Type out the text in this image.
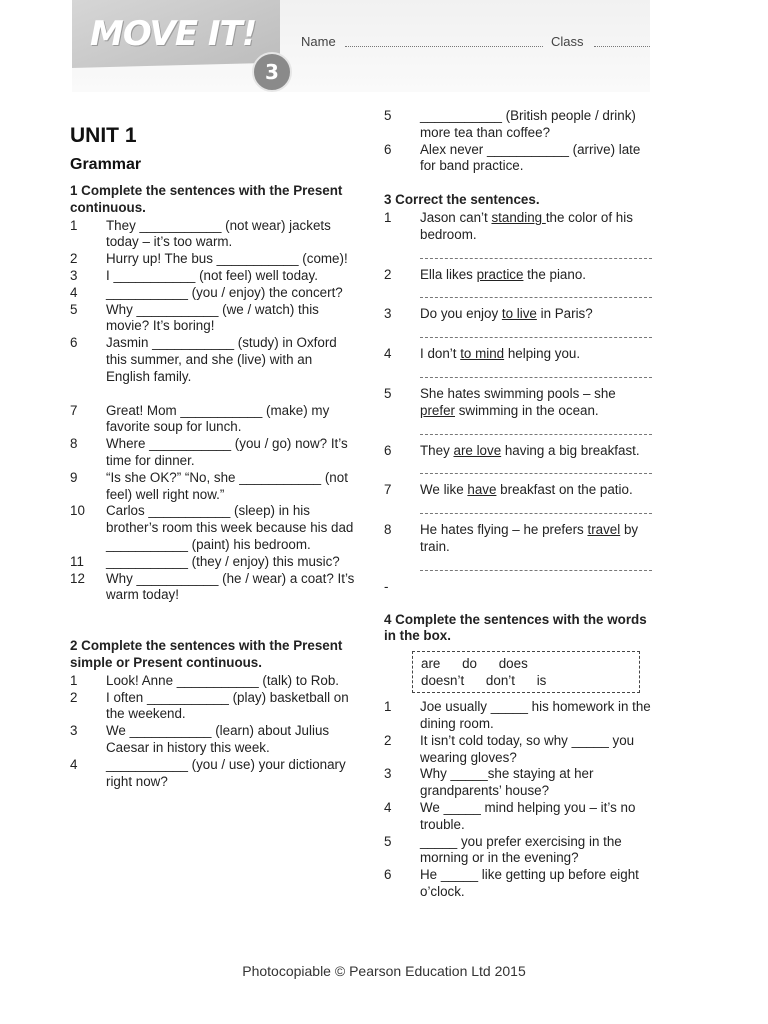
MOVE IT!
3
Name	Class
UNIT 1
Grammar
1 Complete the sentences with the Present continuous.
1	They ___________ (not wear) jackets today – it’s too warm.
2	Hurry up! The bus ___________ (come)!
3	I ___________ (not feel) well today.
4	___________ (you / enjoy) the concert?
5	Why ___________ (we / watch) this movie? It’s boring!
6	Jasmin ___________ (study) in Oxford this summer, and she (live) with an English family.
7	Great! Mom ___________ (make) my favorite soup for lunch.
8	Where ___________ (you / go) now? It’s time for dinner.
9	“Is she OK?” “No, she ___________ (not feel) well right now.”
10	Carlos ___________ (sleep) in his brother’s room this week because his dad ___________ (paint) his bedroom.
11	___________ (they / enjoy) this music?
12	Why ___________ (he / wear) a coat? It’s warm today!
2 Complete the sentences with the Present simple or Present continuous.
1	Look! Anne ___________ (talk) to Rob.
2	I often ___________ (play) basketball on the weekend.
3	We ___________ (learn) about Julius Caesar in history this week.
4	___________ (you / use) your dictionary right now?
5	___________ (British people / drink) more tea than coffee?
6	Alex never ___________ (arrive) late for band practice.
3 Correct the sentences.
1	Jason can’t standing the color of his bedroom.
2	Ella likes practice the piano.
3	Do you enjoy to live in Paris?
4	I don’t to mind helping you.
5	She hates swimming pools – she prefer swimming in the ocean.
6	They are love having a big breakfast.
7	We like have breakfast on the patio.
8	He hates flying – he prefers travel by train.
-
4 Complete the sentences with the words in the box.
are do does
doesn’t don’t is
1	Joe usually _____ his homework in the dining room.
2	It isn’t cold today, so why _____ you wearing gloves?
3	Why _____she staying at her grandparents’ house?
4	We _____ mind helping you – it’s no trouble.
5	_____ you prefer exercising in the morning or in the evening?
6	He _____ like getting up before eight o’clock.
Photocopiable © Pearson Education Ltd 2015
